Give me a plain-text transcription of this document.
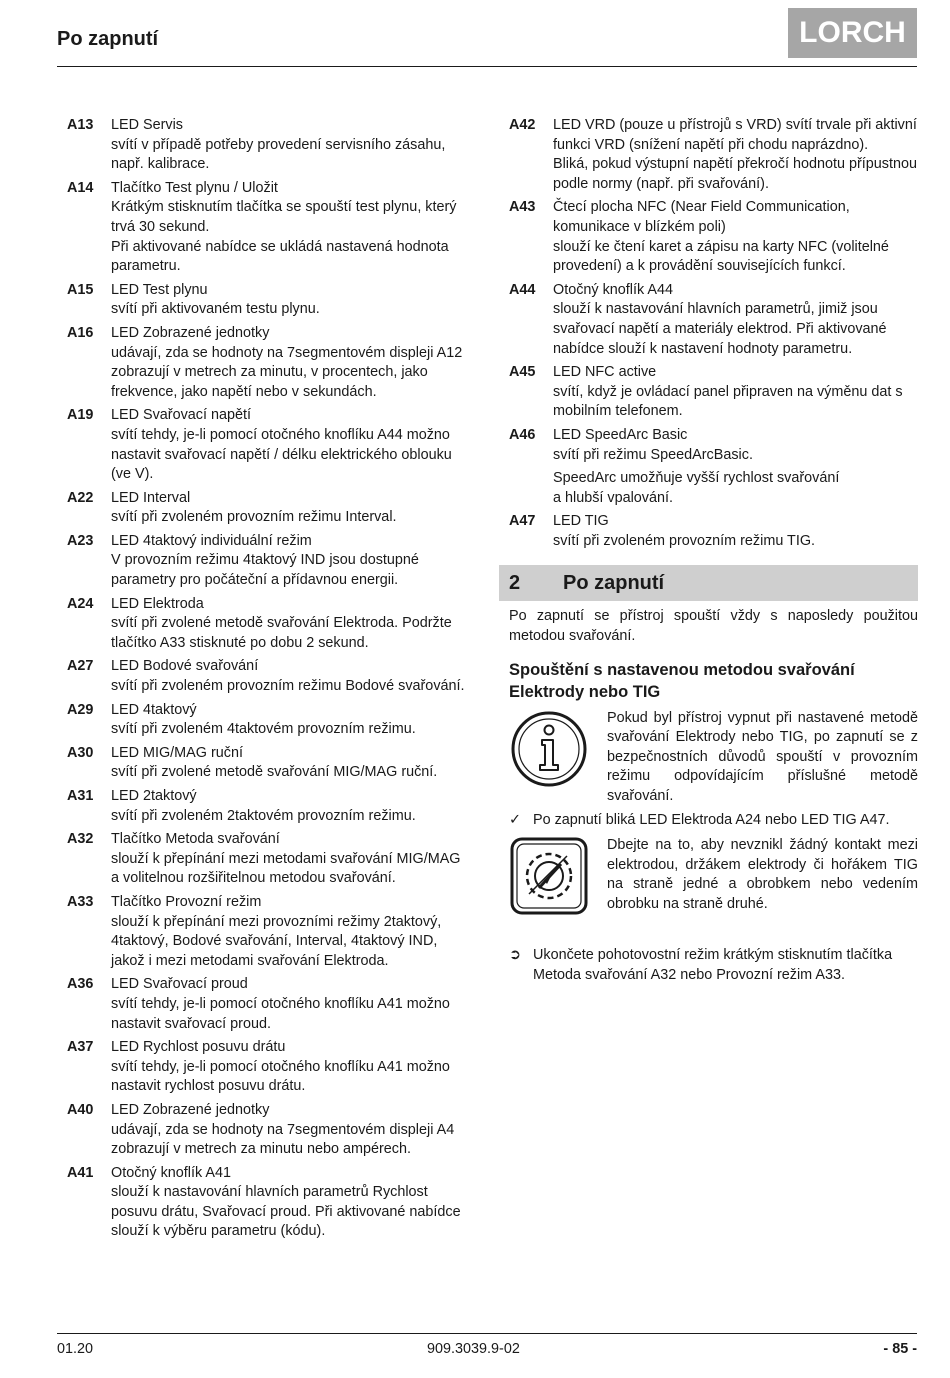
Po zapnutí	LORCH
A13	LED Servis

svítí v případě potřeby provedení servisního zásahu, např. kalibrace.

A14	Tlačítko Test plynu / Uložit

Krátkým stisknutím tlačítka se spouští test plynu, který trvá 30 sekund.

Při aktivované nabídce se ukládá nastavená hodnota parametru.

A15	LED Test plynu

svítí při aktivovaném testu plynu.

A16	LED Zobrazené jednotky

udávají, zda se hodnoty na 7segmentovém displeji A12 zobrazují v metrech za minutu, v procentech, jako frekvence, jako napětí nebo v sekundách.

A19	LED Svařovací napětí

svítí tehdy, je-li pomocí otočného knoflíku A44 možno nastavit svařovací napětí / délku elektrického oblouku (ve V).

A22	LED Interval

svítí při zvoleném provozním režimu Interval.

A23	LED 4taktový individuální režim

V provozním režimu 4taktový IND jsou dostupné parametry pro počáteční a přídavnou energii.

A24	LED Elektroda

svítí při zvolené metodě svařování Elektroda. Podržte tlačítko A33 stisknuté po dobu 2 sekund.

A27	LED Bodové svařování

svítí při zvoleném provozním režimu Bodové svařování.

A29	LED 4taktový

svítí při zvoleném 4taktovém provozním režimu.

A30	LED MIG/MAG ruční

svítí při zvolené metodě svařování MIG/MAG ruční.

A31	LED 2taktový

svítí při zvoleném 2taktovém provozním režimu.

A32	Tlačítko Metoda svařování

slouží k přepínání mezi metodami svařování MIG/MAG a volitelnou rozšiřitelnou metodou svařování.

A33	Tlačítko Provozní režim

slouží k přepínání mezi provozními režimy 2taktový, 4taktový, Bodové svařování, Interval, 4taktový IND, jakož i mezi metodami svařování Elektroda.

A36	LED Svařovací proud

svítí tehdy, je-li pomocí otočného knoflíku A41 možno nastavit svařovací proud.

A37	LED Rychlost posuvu drátu

svítí tehdy, je-li pomocí otočného knoflíku A41 možno nastavit rychlost posuvu drátu.

A40	LED Zobrazené jednotky

udávají, zda se hodnoty na 7segmentovém displeji A4 zobrazují v metrech za minutu nebo ampérech.

A41	Otočný knoflík A41

slouží k nastavování hlavních parametrů Rychlost posuvu drátu, Svařovací proud. Při aktivované nabídce slouží k výběru parametru (kódu).

A42	LED VRD (pouze u přístrojů s VRD) svítí trvale při aktivní funkci VRD (snížení napětí při chodu naprázdno).

Bliká, pokud výstupní napětí překročí hodnotu přípustnou podle normy (např. při svařování).

A43	Čtecí plocha NFC (Near Field Communication, komunikace v blízkém poli)

slouží ke čtení karet a zápisu na karty NFC (volitelné provedení) a k provádění souvisejících funkcí.

A44	Otočný knoflík A44

slouží k nastavování hlavních parametrů, jimiž jsou svařovací napětí a materiály elektrod. Při aktivované nabídce slouží k nastavení hodnoty parametru.

A45	LED NFC active

svítí, když je ovládací panel připraven na výměnu dat s mobilním telefonem.

A46	LED SpeedArc Basic

svítí při režimu SpeedArcBasic.

SpeedArc umožňuje vyšší rychlost svařování

a hlubší vpalování.

A47	LED TIG

svítí při zvoleném provozním režimu TIG.

2	Po zapnutí

Po zapnutí se přístroj spouští vždy s naposledy použitou metodou svařování.

Spouštění s nastavenou metodou svařování Elektrody nebo TIG

Pokud byl přístroj vypnut při nastavené metodě svařování Elektrody nebo TIG, po zapnutí se z bezpečnostních důvodů spouští v provozním režimu odpovídajícím příslušné metodě svařování.

✓ Po zapnutí bliká LED Elektroda A24 nebo LED TIG A47.

Dbejte na to, aby nevznikl žádný kontakt mezi elektrodou, držákem elektrody či hořákem TIG na straně jedné a obrobkem nebo vedením obrobku na straně druhé.

➲ Ukončete pohotovostní režim krátkým stisknutím tlačítka Metoda svařování A32 nebo Provozní režim A33.
01.20	909.3039.9-02	- 85 -
